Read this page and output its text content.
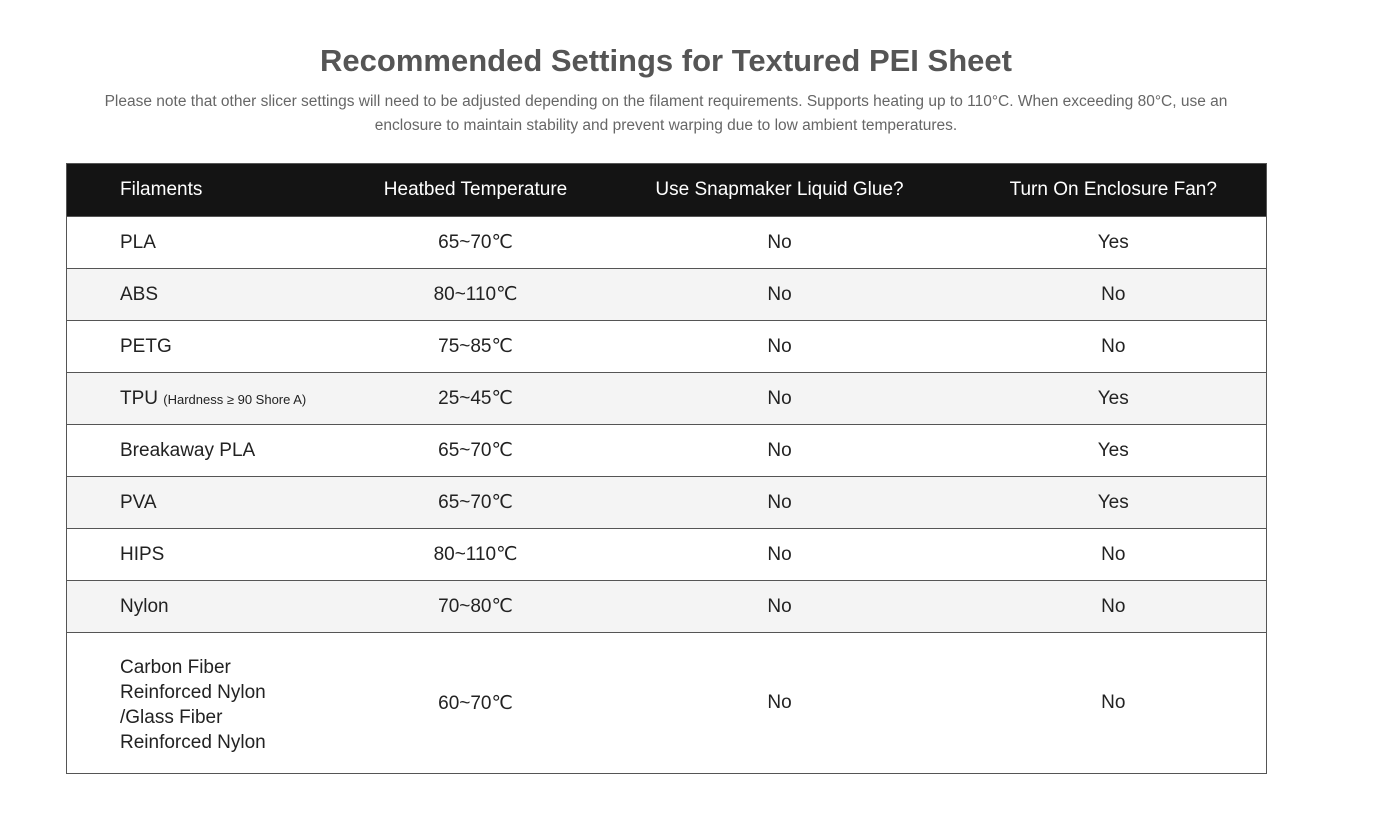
Recommended Settings for Textured PEI Sheet

Please note that other slicer settings will need to be adjusted depending on the filament requirements. Supports heating up to 110°C. When exceeding 80°C, use an enclosure to maintain stability and prevent warping due to low ambient temperatures.

Filaments	Heatbed Temperature	Use Snapmaker Liquid Glue?	Turn On Enclosure Fan?
PLA	65~70℃	No	Yes
ABS	80~110℃	No	No
PETG	75~85℃	No	No
TPU (Hardness ≥ 90 Shore A)	25~45℃	No	Yes
Breakaway PLA	65~70℃	No	Yes
PVA	65~70℃	No	Yes
HIPS	80~110℃	No	No
Nylon	70~80℃	No	No

Carbon Fiber
Reinforced Nylon
/Glass Fiber
Reinforced Nylon	60~70℃	No	No
